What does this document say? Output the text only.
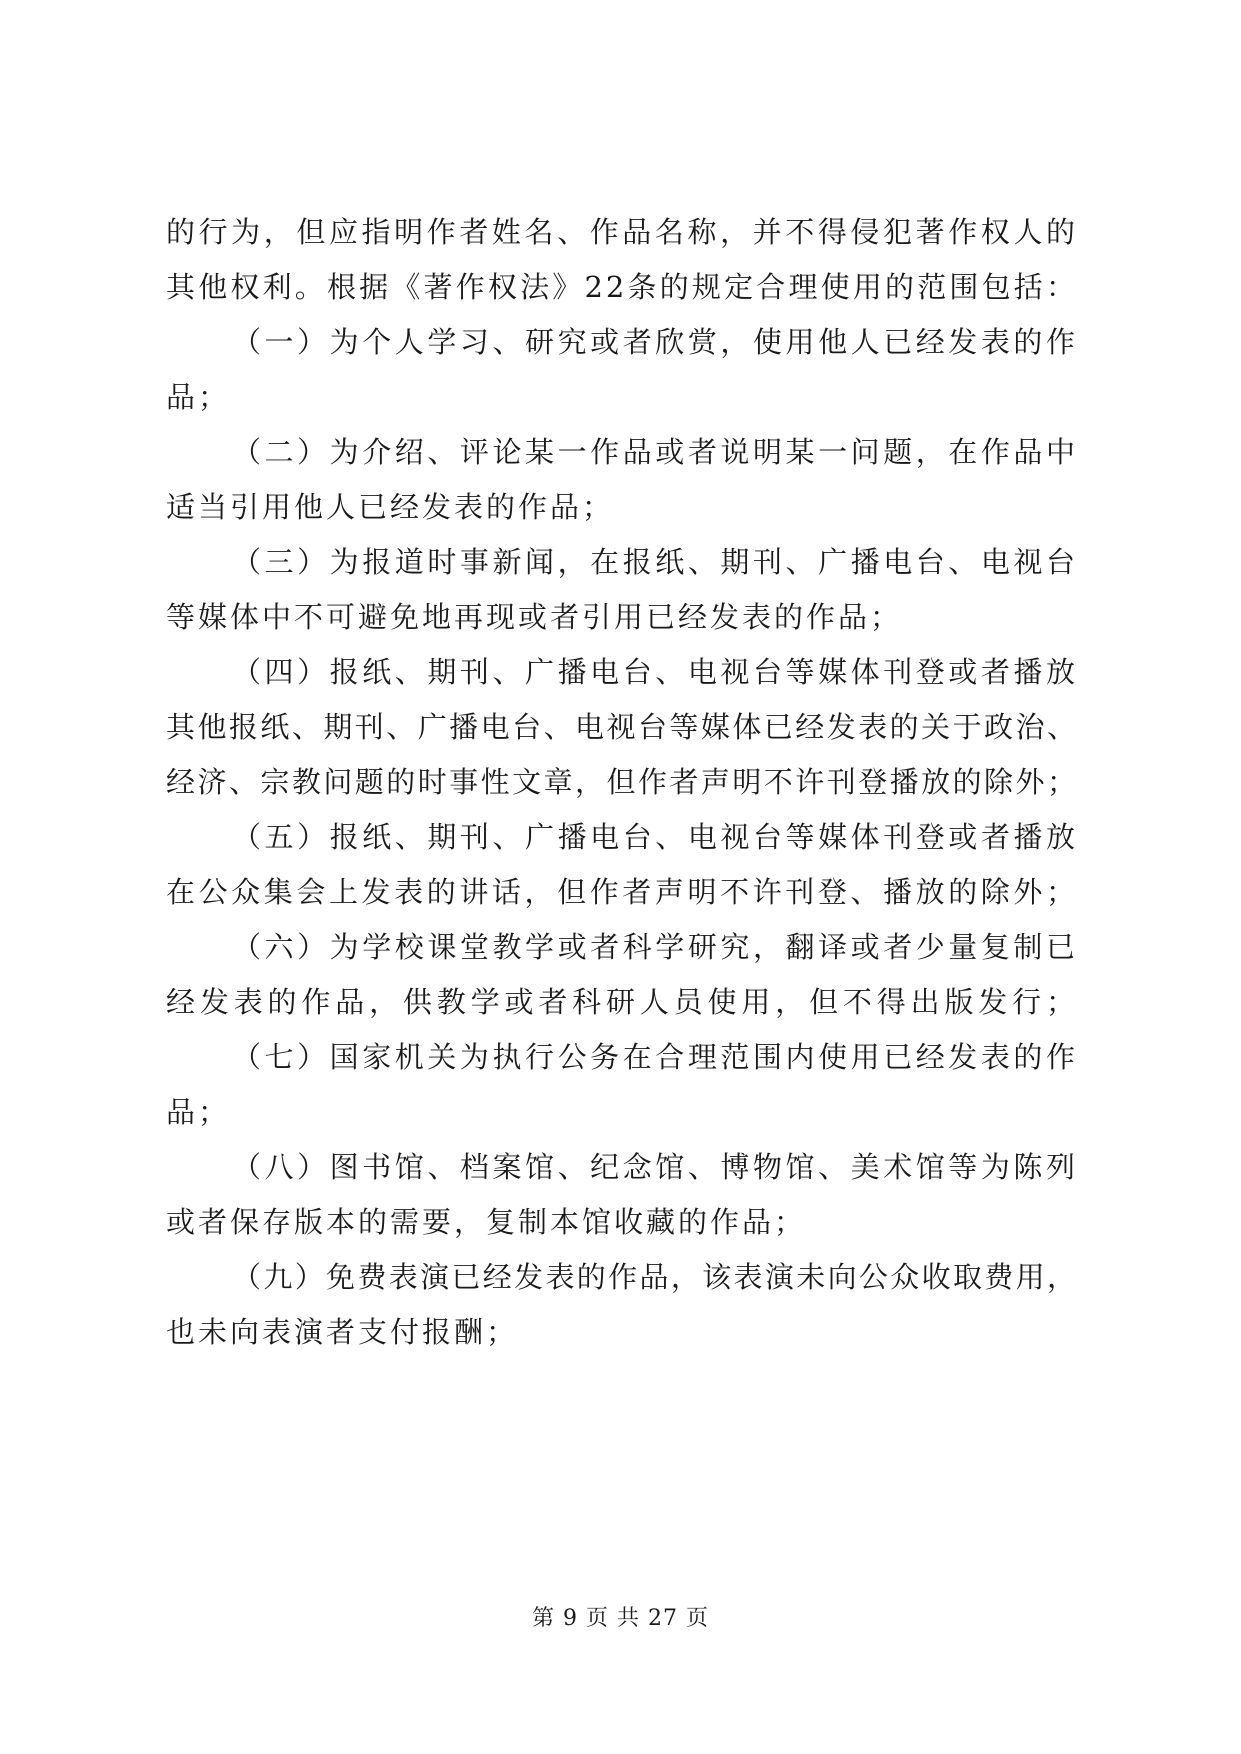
的行为，但应指明作者姓名、作品名称，并不得侵犯著作权人的
其他权利。根据《著作权法》22条的规定合理使用的范围包括：
（一）为个人学习、研究或者欣赏，使用他人已经发表的作
品；
（二）为介绍、评论某一作品或者说明某一问题，在作品中
适当引用他人已经发表的作品；
（三）为报道时事新闻，在报纸、期刊、广播电台、电视台
等媒体中不可避免地再现或者引用已经发表的作品；
（四）报纸、期刊、广播电台、电视台等媒体刊登或者播放
其他报纸、期刊、广播电台、电视台等媒体已经发表的关于政治、
经济、宗教问题的时事性文章，但作者声明不许刊登播放的除外；
（五）报纸、期刊、广播电台、电视台等媒体刊登或者播放
在公众集会上发表的讲话，但作者声明不许刊登、播放的除外；
（六）为学校课堂教学或者科学研究，翻译或者少量复制已
经发表的作品，供教学或者科研人员使用，但不得出版发行；
（七）国家机关为执行公务在合理范围内使用已经发表的作
品；
（八）图书馆、档案馆、纪念馆、博物馆、美术馆等为陈列
或者保存版本的需要，复制本馆收藏的作品；
（九）免费表演已经发表的作品，该表演未向公众收取费用，
也未向表演者支付报酬；
第 9 页 共 27 页
